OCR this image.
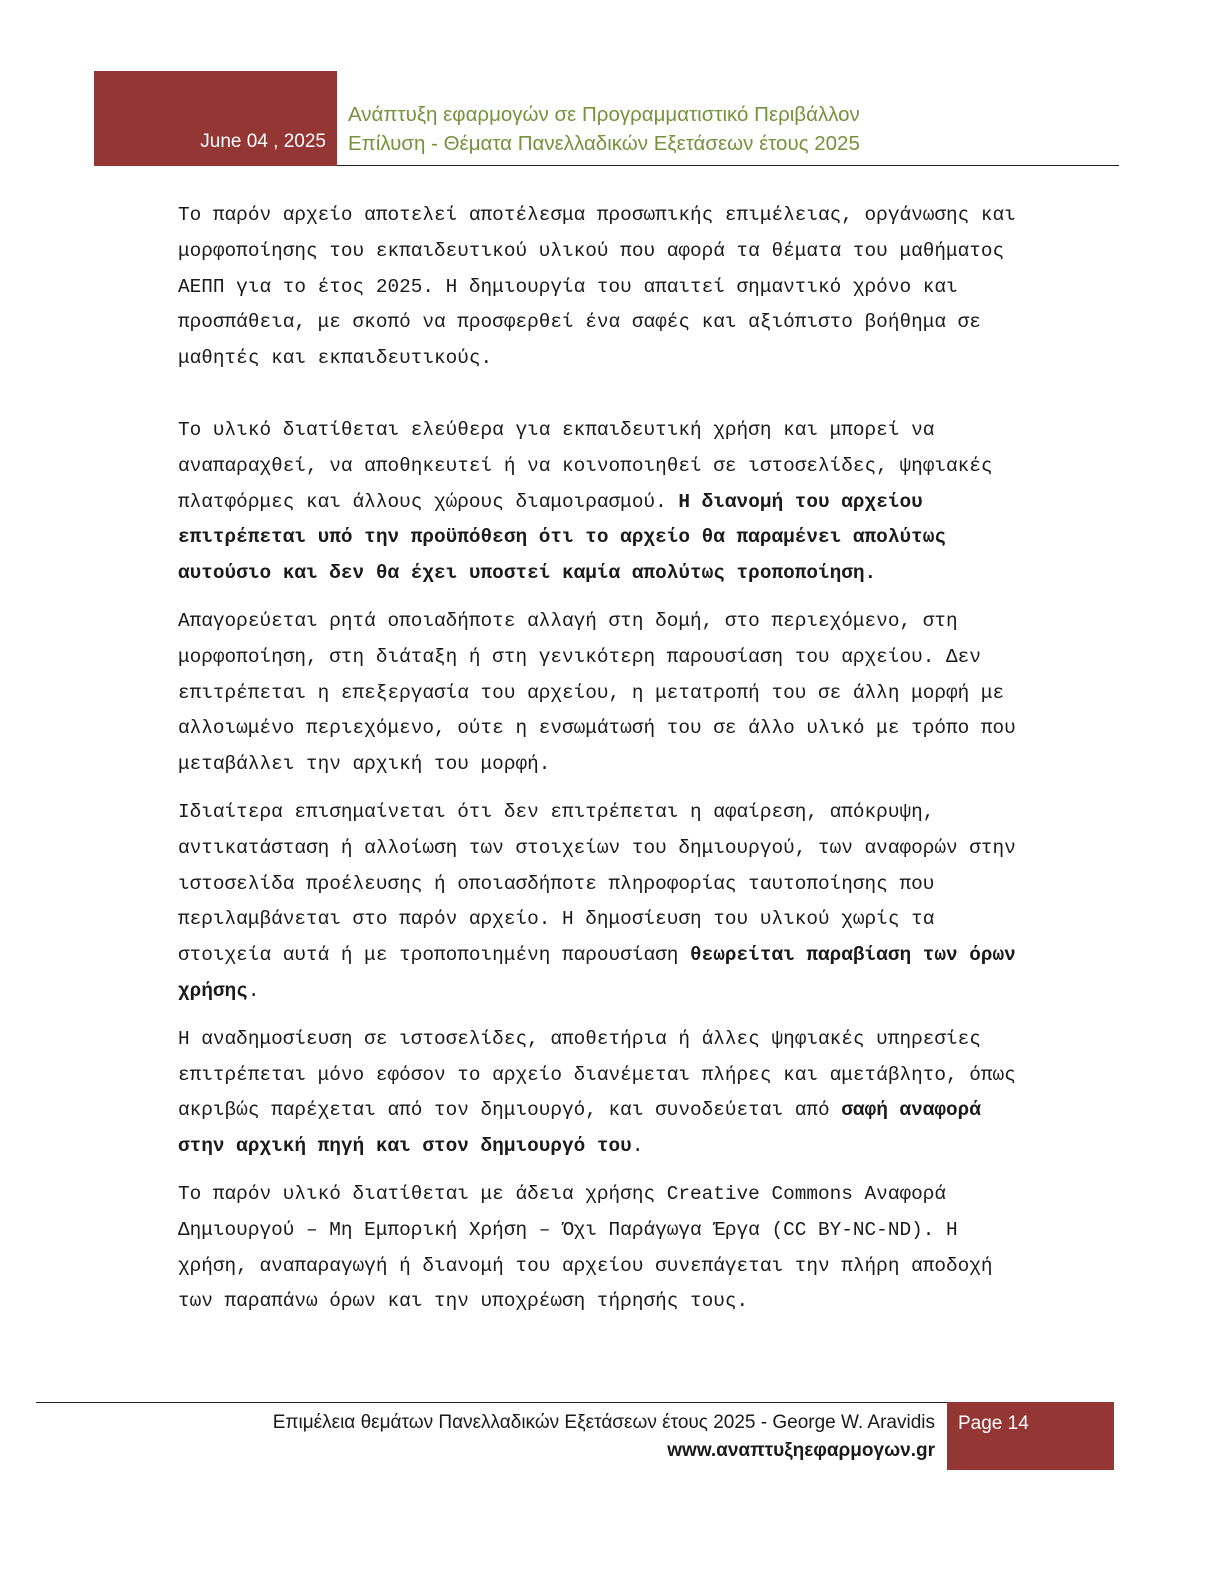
June 04 , 2025
Ανάπτυξη εφαρμογών σε Προγραμματιστικό Περιβάλλον
Επίλυση - Θέματα Πανελλαδικών Εξετάσεων έτους 2025

Το παρόν αρχείο αποτελεί αποτέλεσμα προσωπικής επιμέλειας, οργάνωσης και
μορφοποίησης του εκπαιδευτικού υλικού που αφορά τα θέματα του μαθήματος
ΑΕΠΠ για το έτος 2025. Η δημιουργία του απαιτεί σημαντικό χρόνο και
προσπάθεια, με σκοπό να προσφερθεί ένα σαφές και αξιόπιστο βοήθημα σε
μαθητές και εκπαιδευτικούς.

Το υλικό διατίθεται ελεύθερα για εκπαιδευτική χρήση και μπορεί να
αναπαραχθεί, να αποθηκευτεί ή να κοινοποιηθεί σε ιστοσελίδες, ψηφιακές
πλατφόρμες και άλλους χώρους διαμοιρασμού. Η διανομή του αρχείου
επιτρέπεται υπό την προϋπόθεση ότι το αρχείο θα παραμένει απολύτως
αυτούσιο και δεν θα έχει υποστεί καμία απολύτως τροποποίηση.

Απαγορεύεται ρητά οποιαδήποτε αλλαγή στη δομή, στο περιεχόμενο, στη
μορφοποίηση, στη διάταξη ή στη γενικότερη παρουσίαση του αρχείου. Δεν
επιτρέπεται η επεξεργασία του αρχείου, η μετατροπή του σε άλλη μορφή με
αλλοιωμένο περιεχόμενο, ούτε η ενσωμάτωσή του σε άλλο υλικό με τρόπο που
μεταβάλλει την αρχική του μορφή.

Ιδιαίτερα επισημαίνεται ότι δεν επιτρέπεται η αφαίρεση, απόκρυψη,
αντικατάσταση ή αλλοίωση των στοιχείων του δημιουργού, των αναφορών στην
ιστοσελίδα προέλευσης ή οποιασδήποτε πληροφορίας ταυτοποίησης που
περιλαμβάνεται στο παρόν αρχείο. Η δημοσίευση του υλικού χωρίς τα
στοιχεία αυτά ή με τροποποιημένη παρουσίαση θεωρείται παραβίαση των όρων
χρήσης.

Η αναδημοσίευση σε ιστοσελίδες, αποθετήρια ή άλλες ψηφιακές υπηρεσίες
επιτρέπεται μόνο εφόσον το αρχείο διανέμεται πλήρες και αμετάβλητο, όπως
ακριβώς παρέχεται από τον δημιουργό, και συνοδεύεται από σαφή αναφορά
στην αρχική πηγή και στον δημιουργό του.

Το παρόν υλικό διατίθεται με άδεια χρήσης Creative Commons Αναφορά
Δημιουργού – Μη Εμπορική Χρήση – Όχι Παράγωγα Έργα (CC BY-NC-ND). Η
χρήση, αναπαραγωγή ή διανομή του αρχείου συνεπάγεται την πλήρη αποδοχή
των παραπάνω όρων και την υποχρέωση τήρησής τους.

Επιμέλεια θεμάτων Πανελλαδικών Εξετάσεων έτους 2025 - George W. Aravidis
www.αναπτυξηεφαρμογων.gr
Page 14
